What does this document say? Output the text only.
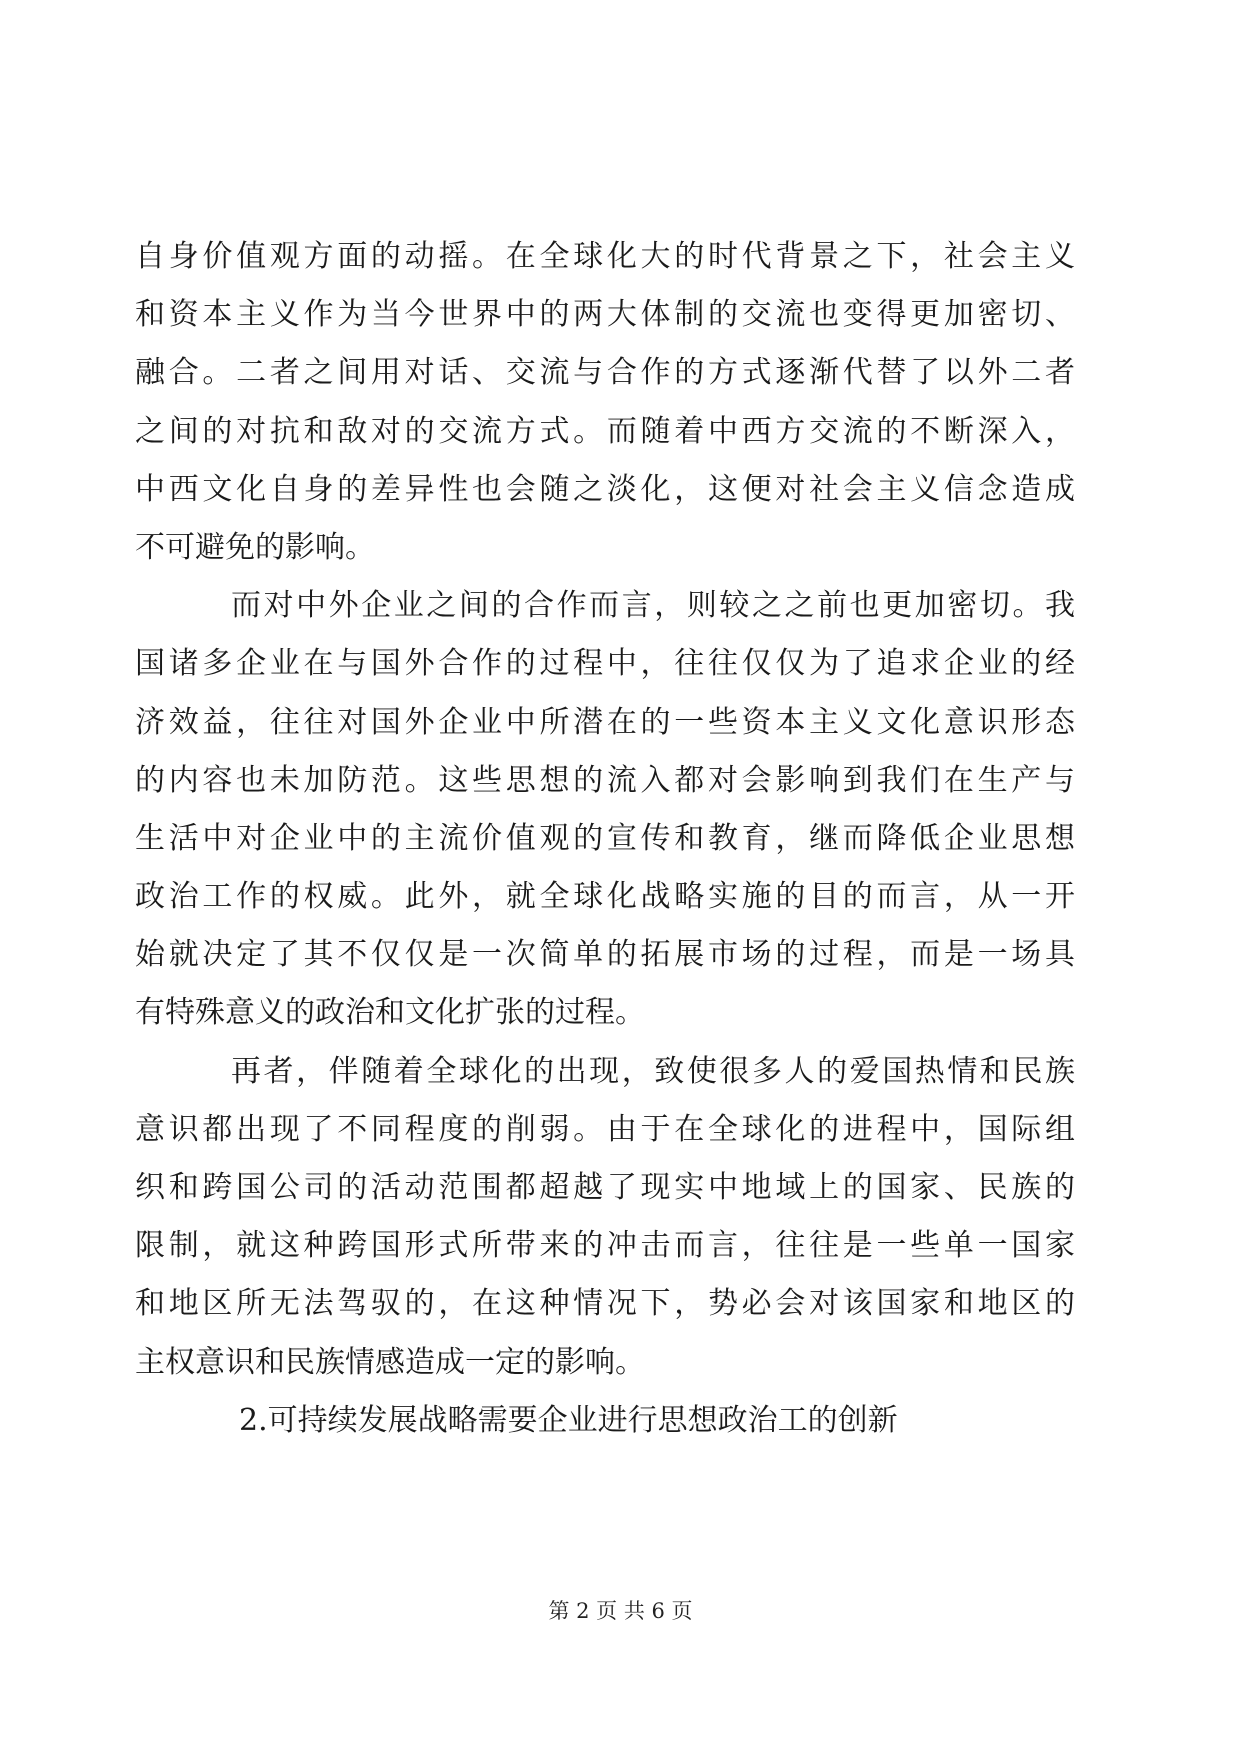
自身价值观方面的动摇。在全球化大的时代背景之下，社会主义
和资本主义作为当今世界中的两大体制的交流也变得更加密切、
融合。二者之间用对话、交流与合作的方式逐渐代替了以外二者
之间的对抗和敌对的交流方式。而随着中西方交流的不断深入，
中西文化自身的差异性也会随之淡化，这便对社会主义信念造成
不可避免的影响。
而对中外企业之间的合作而言，则较之之前也更加密切。我
国诸多企业在与国外合作的过程中，往往仅仅为了追求企业的经
济效益，往往对国外企业中所潜在的一些资本主义文化意识形态
的内容也未加防范。这些思想的流入都对会影响到我们在生产与
生活中对企业中的主流价值观的宣传和教育，继而降低企业思想
政治工作的权威。此外，就全球化战略实施的目的而言，从一开
始就决定了其不仅仅是一次简单的拓展市场的过程，而是一场具
有特殊意义的政治和文化扩张的过程。
再者，伴随着全球化的出现，致使很多人的爱国热情和民族
意识都出现了不同程度的削弱。由于在全球化的进程中，国际组
织和跨国公司的活动范围都超越了现实中地域上的国家、民族的
限制，就这种跨国形式所带来的冲击而言，往往是一些单一国家
和地区所无法驾驭的，在这种情况下，势必会对该国家和地区的
主权意识和民族情感造成一定的影响。
2.可持续发展战略需要企业进行思想政治工的创新
第 2 页 共 6 页
